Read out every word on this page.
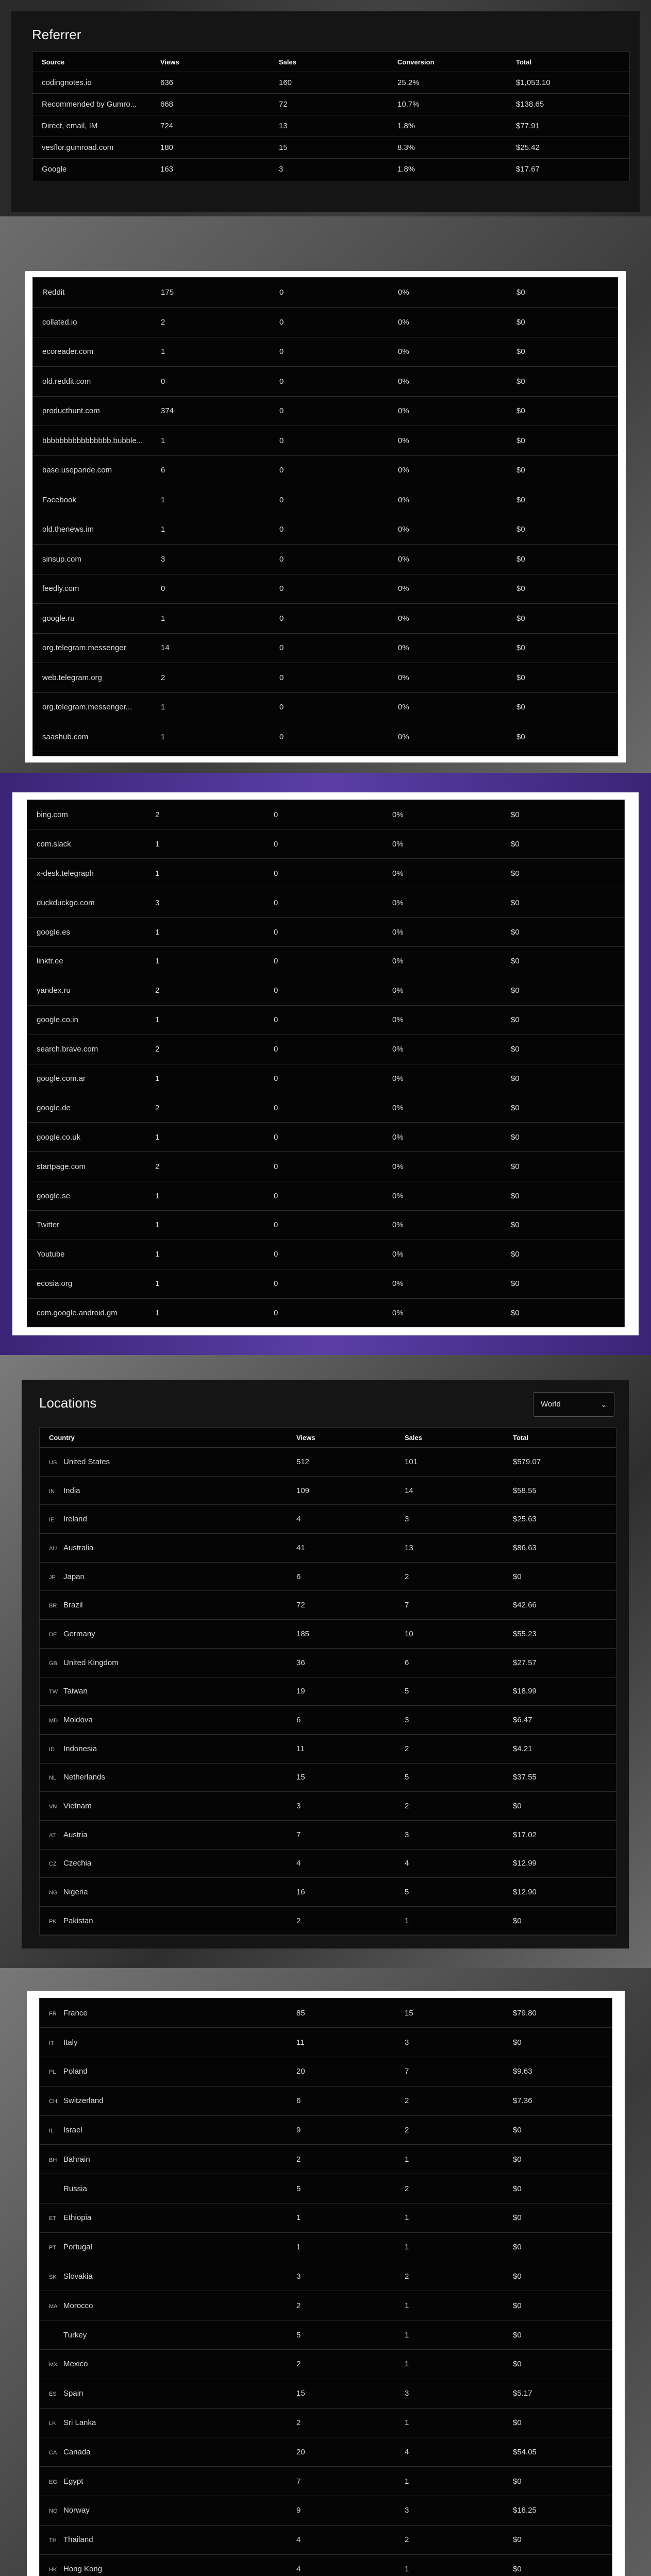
Referrer
Source	Views	Sales	Conversion	Total
codingnotes.io	636	160	25.2%	$1,053.10
Recommended by Gumro...	668	72	10.7%	$138.65
Direct, email, IM	724	13	1.8%	$77.91
vesflor.gumroad.com	180	15	8.3%	$25.42
Google	163	3	1.8%	$17.67
Reddit	175	0	0%	$0
collated.io	2	0	0%	$0
ecoreader.com	1	0	0%	$0
old.reddit.com	0	0	0%	$0
producthunt.com	374	0	0%	$0
bbbbbbbbbbbbbbbb.bubble...	1	0	0%	$0
base.usepande.com	6	0	0%	$0
Facebook	1	0	0%	$0
old.thenews.im	1	0	0%	$0
sinsup.com	3	0	0%	$0
feedly.com	0	0	0%	$0
google.ru	1	0	0%	$0
org.telegram.messenger	14	0	0%	$0
web.telegram.org	2	0	0%	$0
org.telegram.messenger...	1	0	0%	$0
saashub.com	1	0	0%	$0
bing.com	2	0	0%	$0
com.slack	1	0	0%	$0
x-desk.telegraph	1	0	0%	$0
duckduckgo.com	3	0	0%	$0
google.es	1	0	0%	$0
linktr.ee	1	0	0%	$0
yandex.ru	2	0	0%	$0
google.co.in	1	0	0%	$0
search.brave.com	2	0	0%	$0
google.com.ar	1	0	0%	$0
google.de	2	0	0%	$0
google.co.uk	1	0	0%	$0
startpage.com	2	0	0%	$0
google.se	1	0	0%	$0
Twitter	1	0	0%	$0
Youtube	1	0	0%	$0
ecosia.org	1	0	0%	$0
com.google.android.gm	1	0	0%	$0
Locations	World	⌄
Country	Views	Sales	Total
US United States	512	101	$579.07
IN India	109	14	$58.55
IE Ireland	4	3	$25.63
AU Australia	41	13	$86.63
JP Japan	6	2	$0
BR Brazil	72	7	$42.66
DE Germany	185	10	$55.23
GB United Kingdom	36	6	$27.57
TW Taiwan	19	5	$18.99
MD Moldova	6	3	$6.47
ID Indonesia	11	2	$4.21
NL Netherlands	15	5	$37.55
VN Vietnam	3	2	$0
AT Austria	7	3	$17.02
CZ Czechia	4	4	$12.99
NG Nigeria	16	5	$12.90
PK Pakistan	2	1	$0
FR France	85	15	$79.80
IT Italy	11	3	$0
PL Poland	20	7	$9.63
CH Switzerland	6	2	$7.36
IL Israel	9	2	$0
BH Bahrain	2	1	$0
Russia	5	2	$0
ET Ethiopia	1	1	$0
PT Portugal	1	1	$0
SK Slovakia	3	2	$0
MA Morocco	2	1	$0
Turkey	5	1	$0
MX Mexico	2	1	$0
ES Spain	15	3	$5.17
LK Sri Lanka	2	1	$0
CA Canada	20	4	$54.05
EG Egypt	7	1	$0
NO Norway	9	3	$18.25
TH Thailand	4	2	$0
HK Hong Kong	4	1	$0
